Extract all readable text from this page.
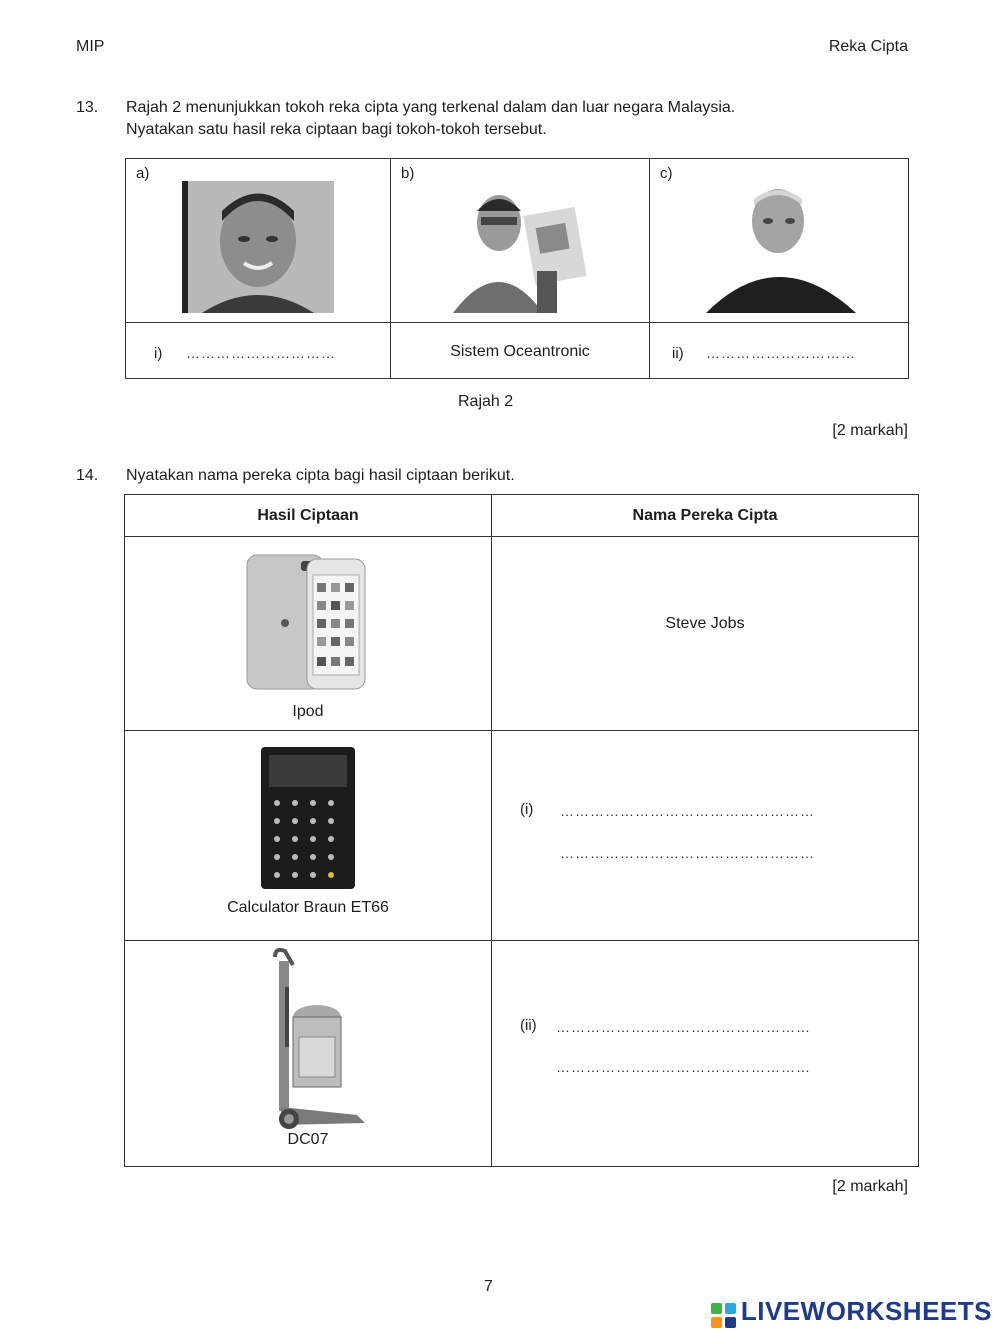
MIP	Reka Cipta
13. Rajah 2 menunjukkan tokoh reka cipta yang terkenal dalam dan luar negara Malaysia.
Nyatakan satu hasil reka ciptaan bagi tokoh-tokoh tersebut.
a)	b)	c)

i) …………………………	Sistem Oceantronic	ii) …………………………
Rajah 2
[2 markah]
14. Nyatakan nama pereka cipta bagi hasil ciptaan berikut.
Hasil Ciptaan	Nama Pereka Cipta

Ipod	Steve Jobs

Calculator Braun ET66	(i) ……………………………………………
……………………………………………

DC07	(ii) ……………………………………………
……………………………………………
[2 markah]
7
LIVEWORKSHEETS
